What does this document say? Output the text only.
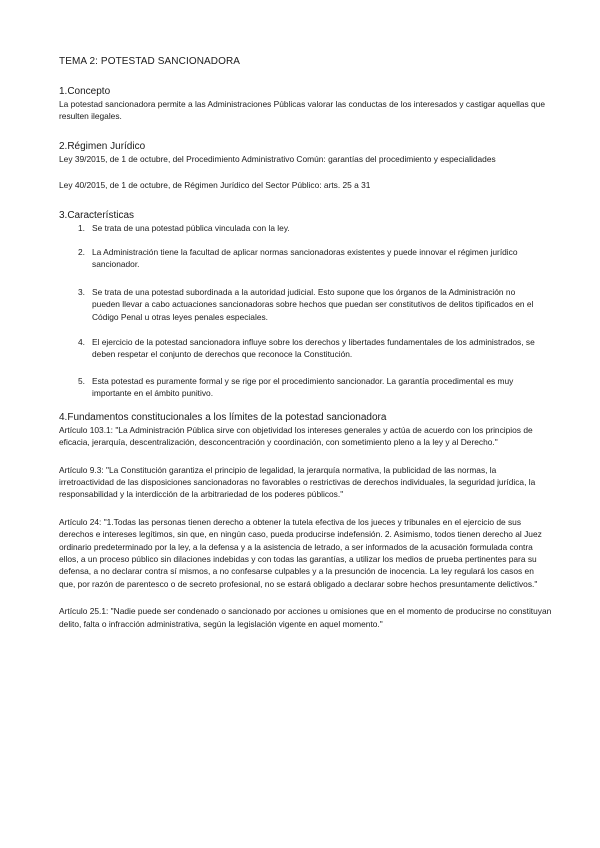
TEMA 2: POTESTAD SANCIONADORA
1.Concepto

La potestad sancionadora permite a las Administraciones Públicas valorar las conductas de los interesados y castigar aquellas que resulten ilegales.

2.Régimen Jurídico

Ley 39/2015, de 1 de octubre, del Procedimiento Administrativo Común: garantías del procedimiento y especialidades

Ley 40/2015, de 1 de octubre, de Régimen Jurídico del Sector Público: arts. 25 a 31

3.Características
1. Se trata de una potestad pública vinculada con la ley.
2. La Administración tiene la facultad de aplicar normas sancionadoras existentes y puede innovar el régimen jurídico sancionador.
3. Se trata de una potestad subordinada a la autoridad judicial. Esto supone que los órganos de la Administración no pueden llevar a cabo actuaciones sancionadoras sobre hechos que puedan ser constitutivos de delitos tipificados en el Código Penal u otras leyes penales especiales.
4. El ejercicio de la potestad sancionadora influye sobre los derechos y libertades fundamentales de los administrados, se deben respetar el conjunto de derechos que reconoce la Constitución.
5. Esta potestad es puramente formal y se rige por el procedimiento sancionador. La garantía procedimental es muy importante en el ámbito punitivo.
4.Fundamentos constitucionales a los límites de la potestad sancionadora

Artículo 103.1: "La Administración Pública sirve con objetividad los intereses generales y actúa de acuerdo con los principios de eficacia, jerarquía, descentralización, desconcentración y coordinación, con sometimiento pleno a la ley y al Derecho."

Artículo 9.3: "La Constitución garantiza el principio de legalidad, la jerarquía normativa, la publicidad de las normas, la irretroactividad de las disposiciones sancionadoras no favorables o restrictivas de derechos individuales, la seguridad jurídica, la responsabilidad y la interdicción de la arbitrariedad de los poderes públicos."

Artículo 24: "1.Todas las personas tienen derecho a obtener la tutela efectiva de los jueces y tribunales en el ejercicio de sus derechos e intereses legítimos, sin que, en ningún caso, pueda producirse indefensión. 2. Asimismo, todos tienen derecho al Juez ordinario predeterminado por la ley, a la defensa y a la asistencia de letrado, a ser informados de la acusación formulada contra ellos, a un proceso público sin dilaciones indebidas y con todas las garantías, a utilizar los medios de prueba pertinentes para su defensa, a no declarar contra sí mismos, a no confesarse culpables y a la presunción de inocencia. La ley regulará los casos en que, por razón de parentesco o de secreto profesional, no se estará obligado a declarar sobre hechos presuntamente delictivos."

Artículo 25.1: "Nadie puede ser condenado o sancionado por acciones u omisiones que en el momento de producirse no constituyan delito, falta o infracción administrativa, según la legislación vigente en aquel momento."
